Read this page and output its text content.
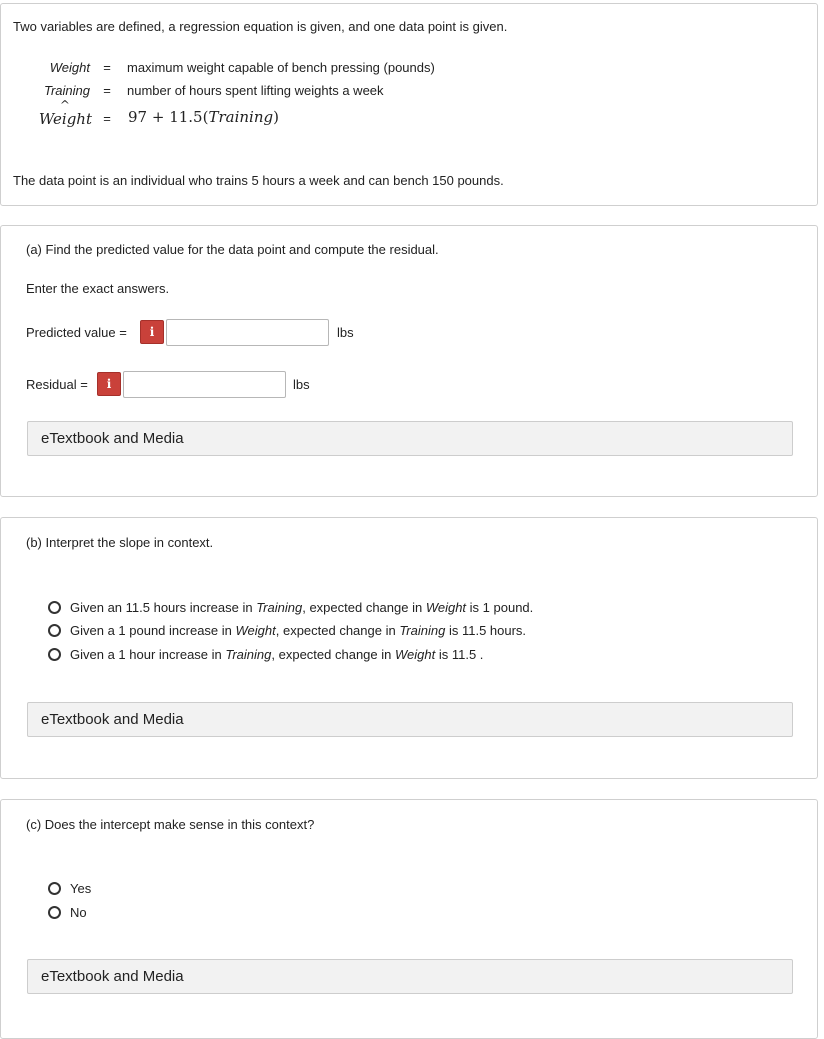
Two variables are defined, a regression equation is given, and one data point is given.
Weight = maximum weight capable of bench pressing (pounds)
Training = number of hours spent lifting weights a week
^ Weight = 97 + 11.5(Training)
The data point is an individual who trains 5 hours a week and can bench 150 pounds.
(a) Find the predicted value for the data point and compute the residual.
Enter the exact answers.
Predicted value =	i	lbs
Residual =	i	lbs
eTextbook and Media
(b) Interpret the slope in context.
Given an 11.5 hours increase in Training, expected change in Weight is 1 pound.
Given a 1 pound increase in Weight, expected change in Training is 11.5 hours.
Given a 1 hour increase in Training, expected change in Weight is 11.5 .
eTextbook and Media
(c) Does the intercept make sense in this context?
Yes
No
eTextbook and Media
